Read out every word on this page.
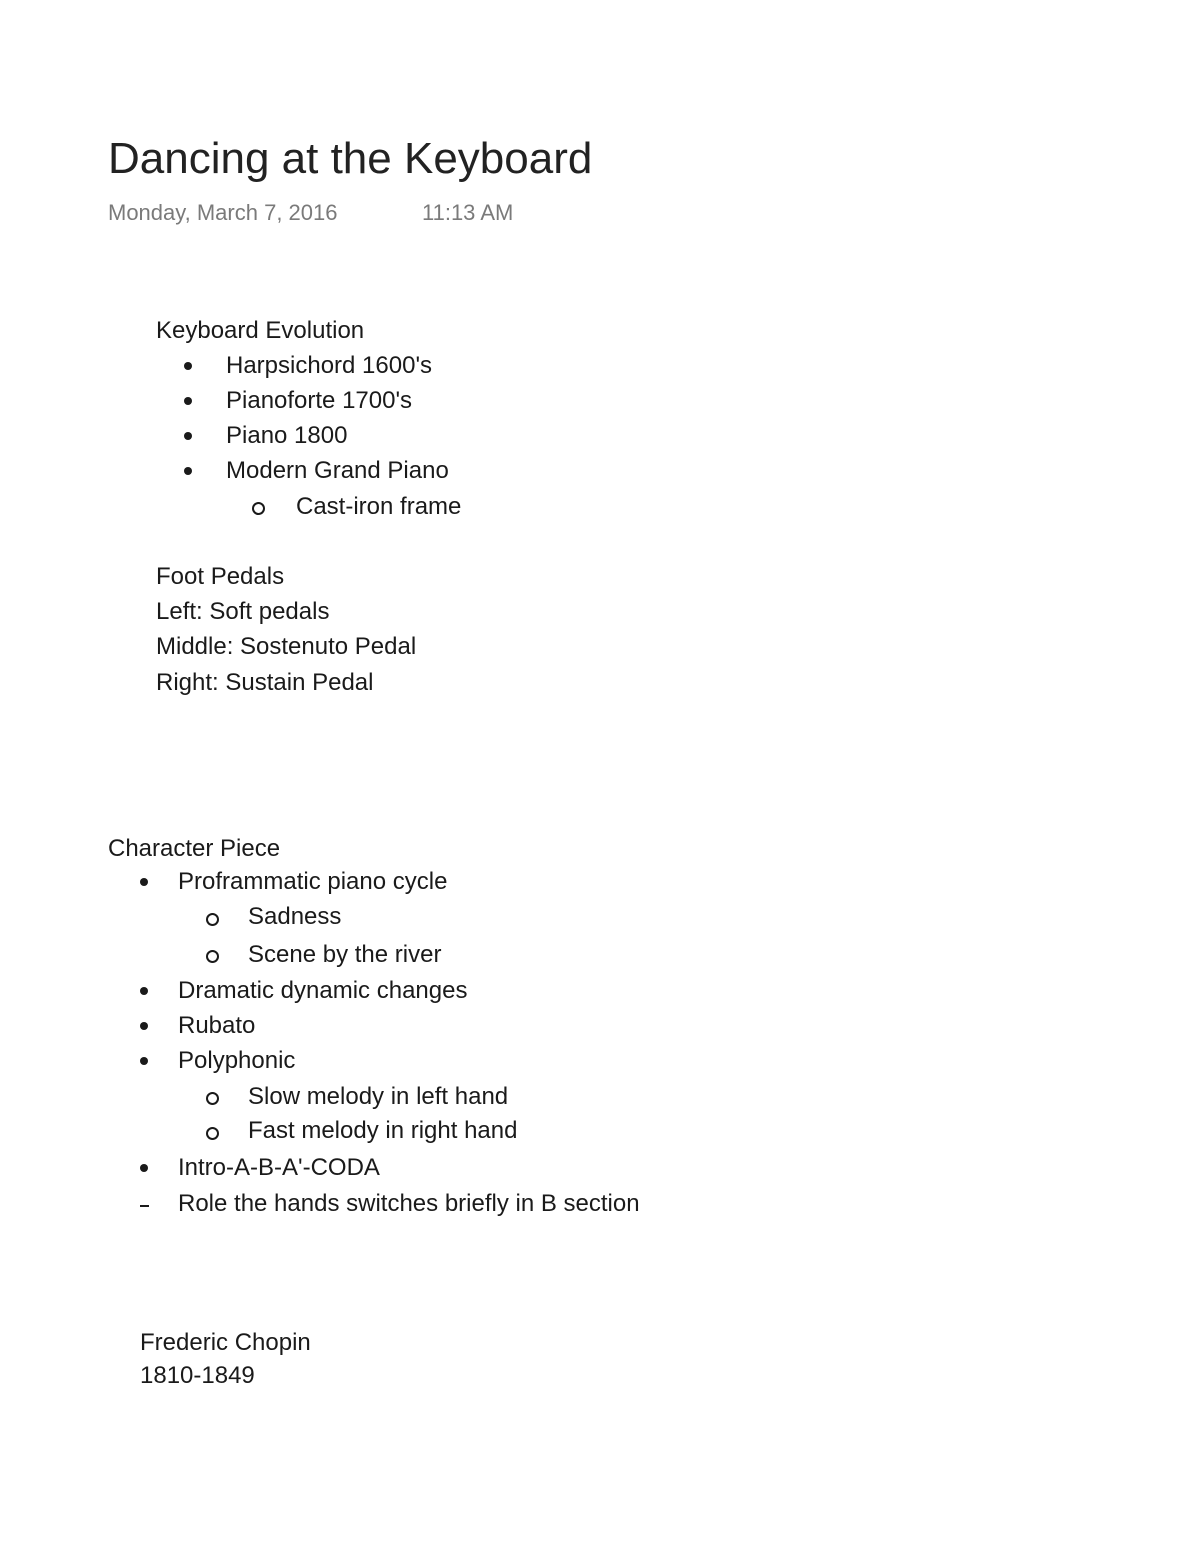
Dancing at the Keyboard
Monday, March 7, 2016	11:13 AM
Keyboard Evolution
Harpsichord 1600's
Pianoforte 1700's
Piano 1800
Modern Grand Piano
Cast-iron frame
Foot Pedals
Left: Soft pedals
Middle: Sostenuto Pedal
Right: Sustain Pedal
Character Piece
Proframmatic piano cycle
Sadness
Scene by the river
Dramatic dynamic changes
Rubato
Polyphonic
Slow melody in left hand
Fast melody in right hand
Intro-A-B-A'-CODA
Role the hands switches briefly in B section
Frederic Chopin
1810-1849
